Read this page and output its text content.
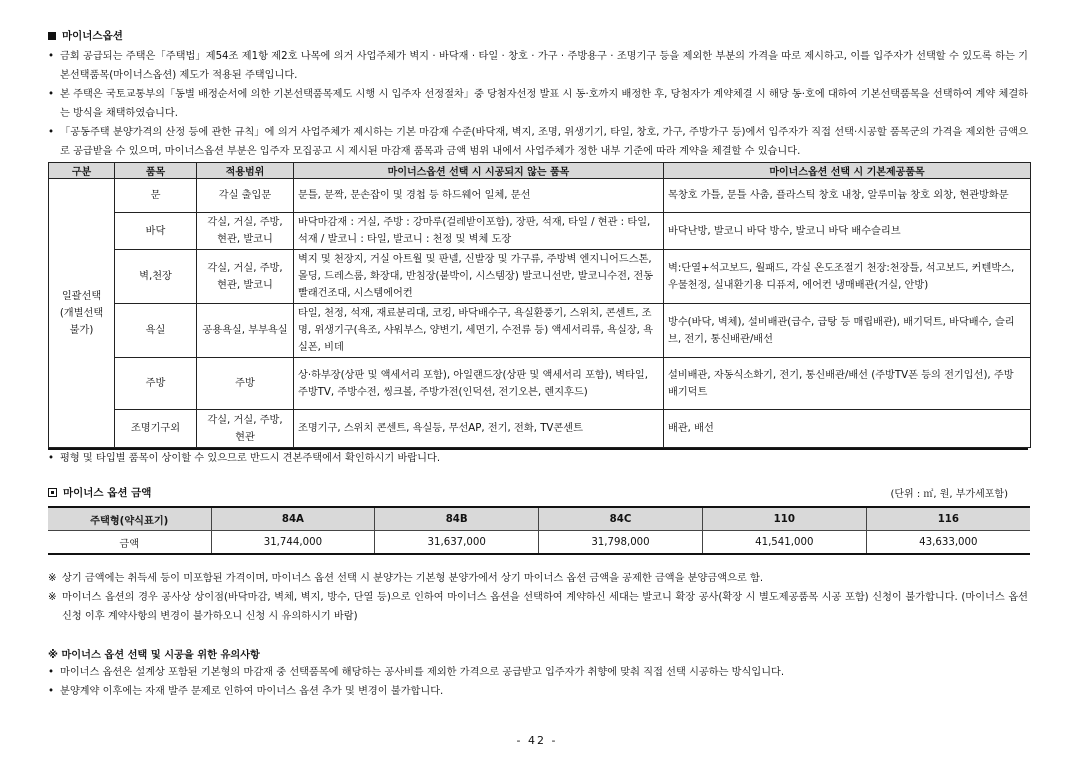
마이너스옵션
• 금회 공급되는 주택은「주택법」제54조 제1항 제2호 나목에 의거 사업주체가 벽지 · 바닥재 · 타일 · 창호 · 가구 · 주방용구 · 조명기구 등을 제외한 부분의 가격을 따로 제시하고, 이를 입주자가 선택할 수 있도록 하는 기본선택품목(마이너스옵션) 제도가 적용된 주택입니다.
• 본 주택은 국토교통부의「동별 배정순서에 의한 기본선택품목제도 시행 시 입주자 선정절차」중 당첨자선정 발표 시 동·호까지 배정한 후, 당첨자가 계약체결 시 해당 동·호에 대하여 기본선택품목을 선택하여 계약 체결하는 방식을 채택하였습니다.
• 「공동주택 분양가격의 산정 등에 관한 규칙」에 의거 사업주체가 제시하는 기본 마감재 수준(바닥재, 벽지, 조명, 위생기기, 타일, 창호, 가구, 주방가구 등)에서 입주자가 직접 선택·시공할 품목군의 가격을 제외한 금액으로 공급받을 수 있으며, 마이너스옵션 부분은 입주자 모집공고 시 제시된 마감재 품목과 금액 범위 내에서 사업주체가 정한 내부 기준에 따라 계약을 체결할 수 있습니다.
구분	품목	적용범위	마이너스옵션 선택 시 시공되지 않는 품목	마이너스옵션 선택 시 기본제공품목
일괄선택
(개별선택
불가)	문	각실 출입문	문틀, 문짝, 문손잡이 및 경첩 등 하드웨어 일체, 문선	목창호 가틀, 문틀 사춤, 플라스틱 창호 내창, 알루미늄 창호 외창, 현관방화문
	바닥	각실, 거실, 주방, 현관, 발코니	바닥마감재 : 거실, 주방 : 강마루(걸레받이포함), 장판, 석재, 타일 / 현관 : 타일, 석재 / 발코니 : 타일, 발코니 : 천정 및 벽체 도장	바닥난방, 발코니 바닥 방수, 발코니 바닥 배수슬리브
	벽,천장	각실, 거실, 주방, 현관, 발코니	벽지 및 천장지, 거실 아트월 및 판넬, 신발장 및 가구류, 주방벽 엔지니어드스톤, 몰딩, 드레스룸, 화장대, 반침장(붙박이, 시스템장) 발코니선반, 발코니수전, 전동빨래건조대, 시스템에어컨	벽:단열+석고보드, 월패드, 각실 온도조절기 천장:천장틀, 석고보드, 커텐박스, 우물천정, 실내환기용 디퓨져, 에어컨 냉매배관(거실, 안방)
	욕실	공용욕실, 부부욕실	타일, 천정, 석재, 재료분리대, 코킹, 바닥배수구, 욕실환풍기, 스위치, 콘센트, 조명, 위생기구(욕조, 샤워부스, 양변기, 세면기, 수전류 등) 액세서리류, 욕실장, 욕실폰, 비데	방수(바닥, 벽체), 설비배관(급수, 급탕 등 매립배관), 배기덕트, 바닥배수, 슬리브, 전기, 통신배관/배선
	주방	주방	상·하부장(상판 및 액세서리 포함), 아일랜드장(상판 및 액세서리 포함), 벽타일, 주방TV, 주방수전, 씽크볼, 주방가전(인덕션, 전기오븐, 렌지후드)	설비배관, 자동식소화기, 전기, 통신배관/배선 (주방TV폰 등의 전기입선), 주방 배기덕트
	조명기구외	각실, 거실, 주방, 현관	조명기구, 스위치 콘센트, 욕실등, 무선AP, 전기, 전화, TV콘센트	배관, 배선
• 평형 및 타입별 품목이 상이할 수 있으므로 반드시 견본주택에서 확인하시기 바랍니다.
마이너스 옵션 금액	(단위 : ㎡, 원, 부가세포함)
주택형(약식표기)	84A	84B	84C	110	116
금액	31,744,000	31,637,000	31,798,000	41,541,000	43,633,000
※ 상기 금액에는 취득세 등이 미포함된 가격이며, 마이너스 옵션 선택 시 분양가는 기본형 분양가에서 상기 마이너스 옵션 금액을 공제한 금액을 분양금액으로 함.
※ 마이너스 옵션의 경우 공사상 상이점(바닥마감, 벽체, 벽지, 방수, 단열 등)으로 인하여 마이너스 옵션을 선택하여 계약하신 세대는 발코니 확장 공사(확장 시 별도제공품목 시공 포함) 신청이 불가합니다. (마이너스 옵션 신청 이후 계약사항의 변경이 불가하오니 신청 시 유의하시기 바람)
※ 마이너스 옵션 선택 및 시공을 위한 유의사항
• 마이너스 옵션은 설계상 포함된 기본형의 마감재 중 선택품목에 해당하는 공사비를 제외한 가격으로 공급받고 입주자가 취향에 맞춰 직접 선택 시공하는 방식입니다.
• 분양계약 이후에는 자재 발주 문제로 인하여 마이너스 옵션 추가 및 변경이 불가합니다.
- 42 -
